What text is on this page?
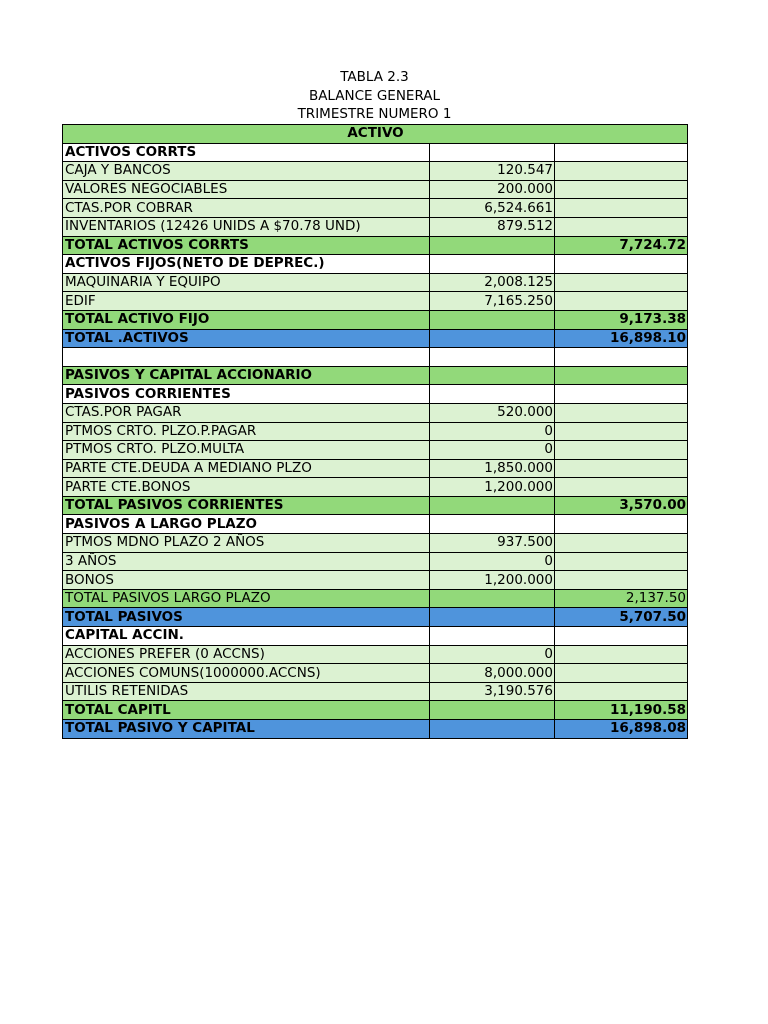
TABLA 2.3
BALANCE GENERAL
TRIMESTRE NUMERO 1
ACTIVO		
ACTIVOS CORRTS		
CAJA Y BANCOS	120.547	
VALORES NEGOCIABLES	200.000	
CTAS.POR COBRAR	6,524.661	
INVENTARIOS (12426 UNIDS A $70.78 UND)	879.512	
TOTAL ACTIVOS CORRTS		7,724.72
ACTIVOS FIJOS(NETO DE DEPREC.)		
MAQUINARIA Y EQUIPO	2,008.125	
EDIF	7,165.250	
TOTAL ACTIVO FIJO		9,173.38
TOTAL .ACTIVOS		16,898.10

PASIVOS Y CAPITAL ACCIONARIO		
PASIVOS CORRIENTES		
CTAS.POR PAGAR	520.000	
PTMOS CRTO. PLZO.P.PAGAR	0	
PTMOS CRTO. PLZO.MULTA	0	
PARTE CTE.DEUDA A MEDIANO PLZO	1,850.000	
PARTE CTE.BONOS	1,200.000	
TOTAL PASIVOS CORRIENTES		3,570.00
PASIVOS A LARGO PLAZO		
PTMOS MDNO PLAZO 2 AÑOS	937.500	
3 AÑOS	0	
BONOS	1,200.000	
TOTAL PASIVOS LARGO PLAZO		2,137.50
TOTAL PASIVOS		5,707.50
CAPITAL ACCIN.		
ACCIONES PREFER (0 ACCNS)	0	
ACCIONES COMUNS(1000000.ACCNS)	8,000.000	
UTILIS RETENIDAS	3,190.576	
TOTAL CAPITL		11,190.58
TOTAL PASIVO Y CAPITAL		16,898.08
